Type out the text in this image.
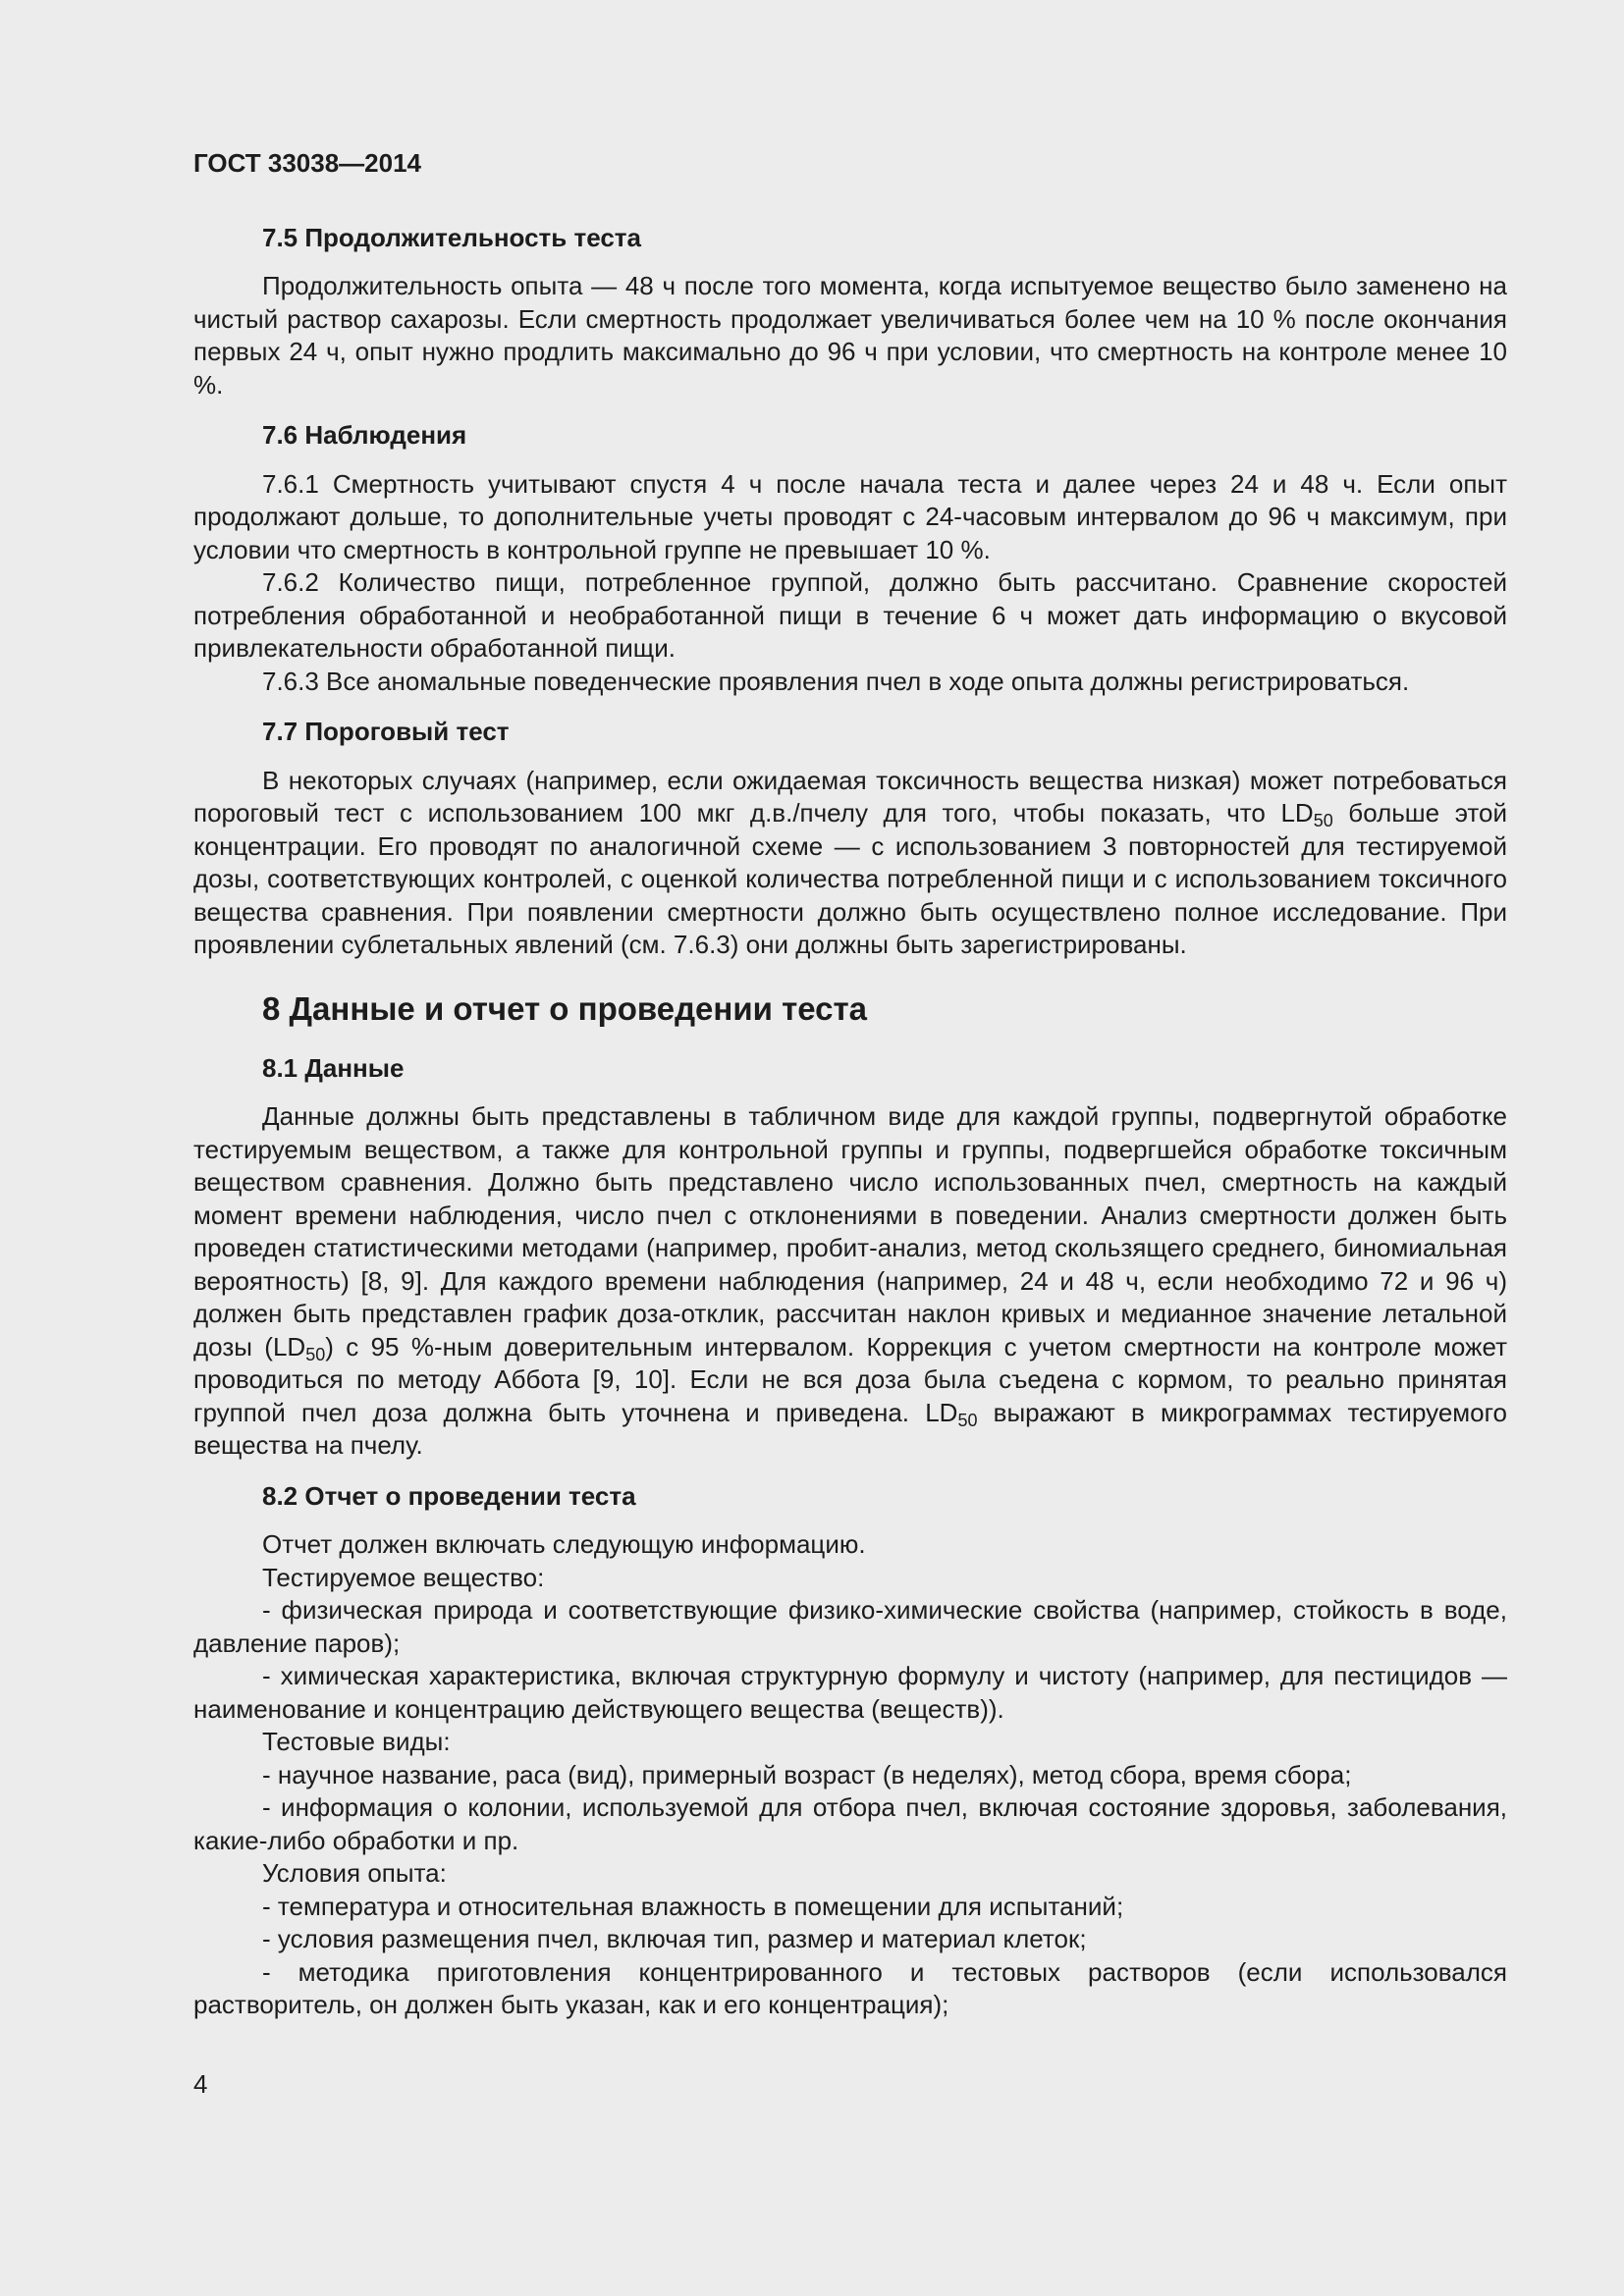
ГОСТ 33038—2014
7.5 Продолжительность теста

Продолжительность опыта — 48 ч после того момента, когда испытуемое вещество было заменено на чистый раствор сахарозы. Если смертность продолжает увеличиваться более чем на 10 % после окончания первых 24 ч, опыт нужно продлить максимально до 96 ч при условии, что смертность на контроле менее 10 %.

7.6 Наблюдения

7.6.1 Смертность учитывают спустя 4 ч после начала теста и далее через 24 и 48 ч. Если опыт продолжают дольше, то дополнительные учеты проводят с 24-часовым интервалом до 96 ч максимум, при условии что смертность в контрольной группе не превышает 10 %.

7.6.2 Количество пищи, потребленное группой, должно быть рассчитано. Сравнение скоростей потребления обработанной и необработанной пищи в течение 6 ч может дать информацию о вкусовой привлекательности обработанной пищи.

7.6.3 Все аномальные поведенческие проявления пчел в ходе опыта должны регистрироваться.

7.7 Пороговый тест

В некоторых случаях (например, если ожидаемая токсичность вещества низкая) может потребоваться пороговый тест с использованием 100 мкг д.в./пчелу для того, чтобы показать, что $LD_{50}$ больше этой концентрации. Его проводят по аналогичной схеме — с использованием 3 повторностей для тестируемой дозы, соответствующих контролей, с оценкой количества потребленной пищи и с использованием токсичного вещества сравнения. При появлении смертности должно быть осуществлено полное исследование. При проявлении сублетальных явлений (см. 7.6.3) они должны быть зарегистрированы.

8 Данные и отчет о проведении теста
8.1 Данные

Данные должны быть представлены в табличном виде для каждой группы, подвергнутой обработке тестируемым веществом, а также для контрольной группы и группы, подвергшейся обработке токсичным веществом сравнения. Должно быть представлено число использованных пчел, смертность на каждый момент времени наблюдения, число пчел с отклонениями в поведении. Анализ смертности должен быть проведен статистическими методами (например, пробит-анализ, метод скользящего среднего, биномиальная вероятность) [8, 9]. Для каждого времени наблюдения (например, 24 и 48 ч, если необходимо 72 и 96 ч) должен быть представлен график доза-отклик, рассчитан наклон кривых и медианное значение летальной дозы $(LD_{50})$ с 95 %-ным доверительным интервалом. Коррекция с учетом смертности на контроле может проводиться по методу Аббота [9, 10]. Если не вся доза была съедена с кормом, то реально принятая группой пчел доза должна быть уточнена и приведена. $LD_{50}$ выражают в микрограммах тестируемого вещества на пчелу.

8.2 Отчет о проведении теста

Отчет должен включать следующую информацию.

Тестируемое вещество:

- физическая природа и соответствующие физико-химические свойства (например, стойкость в воде, давление паров);

- химическая характеристика, включая структурную формулу и чистоту (например, для пестицидов — наименование и концентрацию действующего вещества (веществ)).

Тестовые виды:

- научное название, раса (вид), примерный возраст (в неделях), метод сбора, время сбора;

- информация о колонии, используемой для отбора пчел, включая состояние здоровья, заболевания, какие-либо обработки и пр.

Условия опыта:

- температура и относительная влажность в помещении для испытаний;

- условия размещения пчел, включая тип, размер и материал клеток;

- методика приготовления концентрированного и тестовых растворов (если использовался растворитель, он должен быть указан, как и его концентрация);

4
